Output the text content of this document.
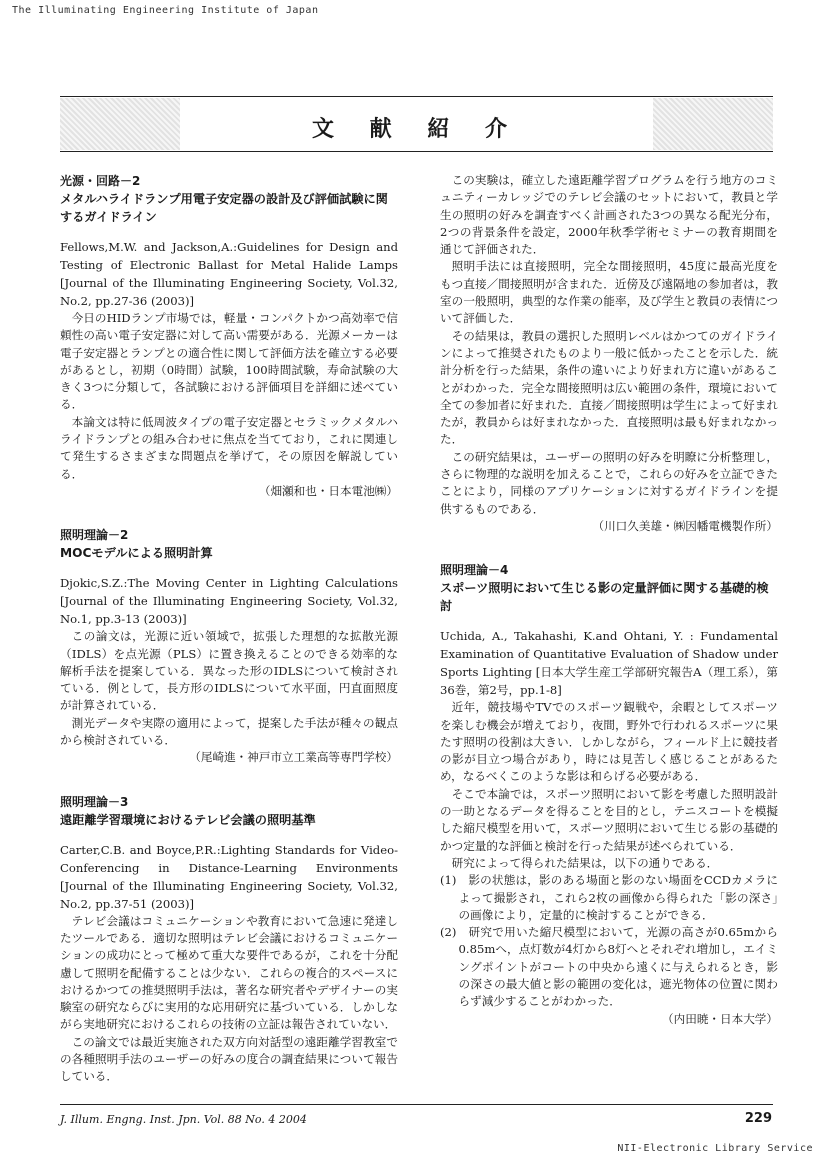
The Illuminating Engineering Institute of Japan
文 献 紹 介
光源・回路－2
メタルハライドランプ用電子安定器の設計及び評価試験に関するガイドライン
Fellows,M.W. and Jackson,A.:Guidelines for Design and Testing of Electronic Ballast for Metal Halide Lamps [Journal of the Illuminating Engineering Society, Vol.32, No.2, pp.27-36 (2003)]

今日のHIDランプ市場では，軽量・コンパクトかつ高効率で信頼性の高い電子安定器に対して高い需要がある．光源メーカーは電子安定器とランプとの適合性に関して評価方法を確立する必要があるとし，初期（0時間）試験，100時間試験，寿命試験の大きく3つに分類して，各試験における評価項目を詳細に述べている．

本論文は特に低周波タイプの電子安定器とセラミックメタルハライドランプとの組み合わせに焦点を当てており，これに関連して発生するさまざまな問題点を挙げて，その原因を解説している．

（畑瀬和也・日本電池㈱）

照明理論－2
MOCモデルによる照明計算
Djokic,S.Z.:The Moving Center in Lighting Calculations [Journal of the Illuminating Engineering Society, Vol.32, No.1, pp.3-13 (2003)]

この論文は，光源に近い領域で，拡張した理想的な拡散光源（IDLS）を点光源（PLS）に置き換えることのできる効率的な解析手法を提案している．異なった形のIDLSについて検討されている．例として，長方形のIDLSについて水平面，円直面照度が計算されている．

測光データや実際の適用によって，提案した手法が種々の観点から検討されている．

（尾崎進・神戸市立工業高等専門学校）

照明理論－3
遠距離学習環境におけるテレビ会議の照明基準
Carter,C.B. and Boyce,P.R.:Lighting Standards for Video-Conferencing in Distance-Learning Environments [Journal of the Illuminating Engineering Society, Vol.32, No.2, pp.37-51 (2003)]

テレビ会議はコミュニケーションや教育において急速に発達したツールである．適切な照明はテレビ会議におけるコミュニケーションの成功にとって極めて重大な要件であるが，これを十分配慮して照明を配備することは少ない．これらの複合的スペースにおけるかつての推奨照明手法は，著名な研究者やデザイナーの実験室の研究ならびに実用的な応用研究に基づいている．しかしながら実地研究におけるこれらの技術の立証は報告されていない．

この論文では最近実施された双方向対話型の遠距離学習教室での各種照明手法のユーザーの好みの度合の調査結果について報告している．

この実験は，確立した遠距離学習プログラムを行う地方のコミュニティーカレッジでのテレビ会議のセットにおいて，教員と学生の照明の好みを調査すべく計画された3つの異なる配光分布，2つの背景条件を設定，2000年秋季学術セミナーの教育期間を通じて評価された．

照明手法には直接照明，完全な間接照明，45度に最高光度をもつ直接／間接照明が含まれた．近傍及び遠隔地の参加者は，教室の一般照明，典型的な作業の能率，及び学生と教員の表情について評価した．

その結果は，教員の選択した照明レベルはかつてのガイドラインによって推奨されたものより一般に低かったことを示した．統計分析を行った結果，条件の違いにより好まれ方に違いがあることがわかった．完全な間接照明は広い範囲の条件，環境において全ての参加者に好まれた．直接／間接照明は学生によって好まれたが，教員からは好まれなかった．直接照明は最も好まれなかった．

この研究結果は，ユーザーの照明の好みを明瞭に分析整理し，さらに物理的な説明を加えることで，これらの好みを立証できたことにより，同様のアプリケーションに対するガイドラインを提供するものである．

（川口久美雄・㈱因幡電機製作所）

照明理論－4
スポーツ照明において生じる影の定量評価に関する基礎的検討
Uchida, A., Takahashi, K.and Ohtani, Y. : Fundamental Examination of Quantitative Evaluation of Shadow under Sports Lighting [日本大学生産工学部研究報告A（理工系），第36巻，第2号，pp.1-8]

近年，競技場やTVでのスポーツ観戦や，余暇としてスポーツを楽しむ機会が増えており，夜間，野外で行われるスポーツに果たす照明の役割は大きい．しかしながら，フィールド上に競技者の影が目立つ場合があり，時には見苦しく感じることがあるため，なるべくこのような影は和らげる必要がある．

そこで本論では，スポーツ照明において影を考慮した照明設計の一助となるデータを得ることを目的とし，テニスコートを模擬した縮尺模型を用いて，スポーツ照明において生じる影の基礎的かつ定量的な評価と検討を行った結果が述べられている．

研究によって得られた結果は，以下の通りである．

(1)　影の状態は，影のある場面と影のない場面をCCDカメラによって撮影され，これら2枚の画像から得られた「影の深さ」の画像により，定量的に検討することができる．

(2)　研究で用いた縮尺模型において，光源の高さが0.65mから0.85mへ，点灯数が4灯から8灯へとそれぞれ増加し，エイミングポイントがコートの中央から遠くに与えられるとき，影の深さの最大値と影の範囲の変化は，遮光物体の位置に関わらず減少することがわかった．

（内田暁・日本大学）

J. Illum. Engng. Inst. Jpn. Vol. 88 No. 4 2004	229
NII-Electronic Library Service
